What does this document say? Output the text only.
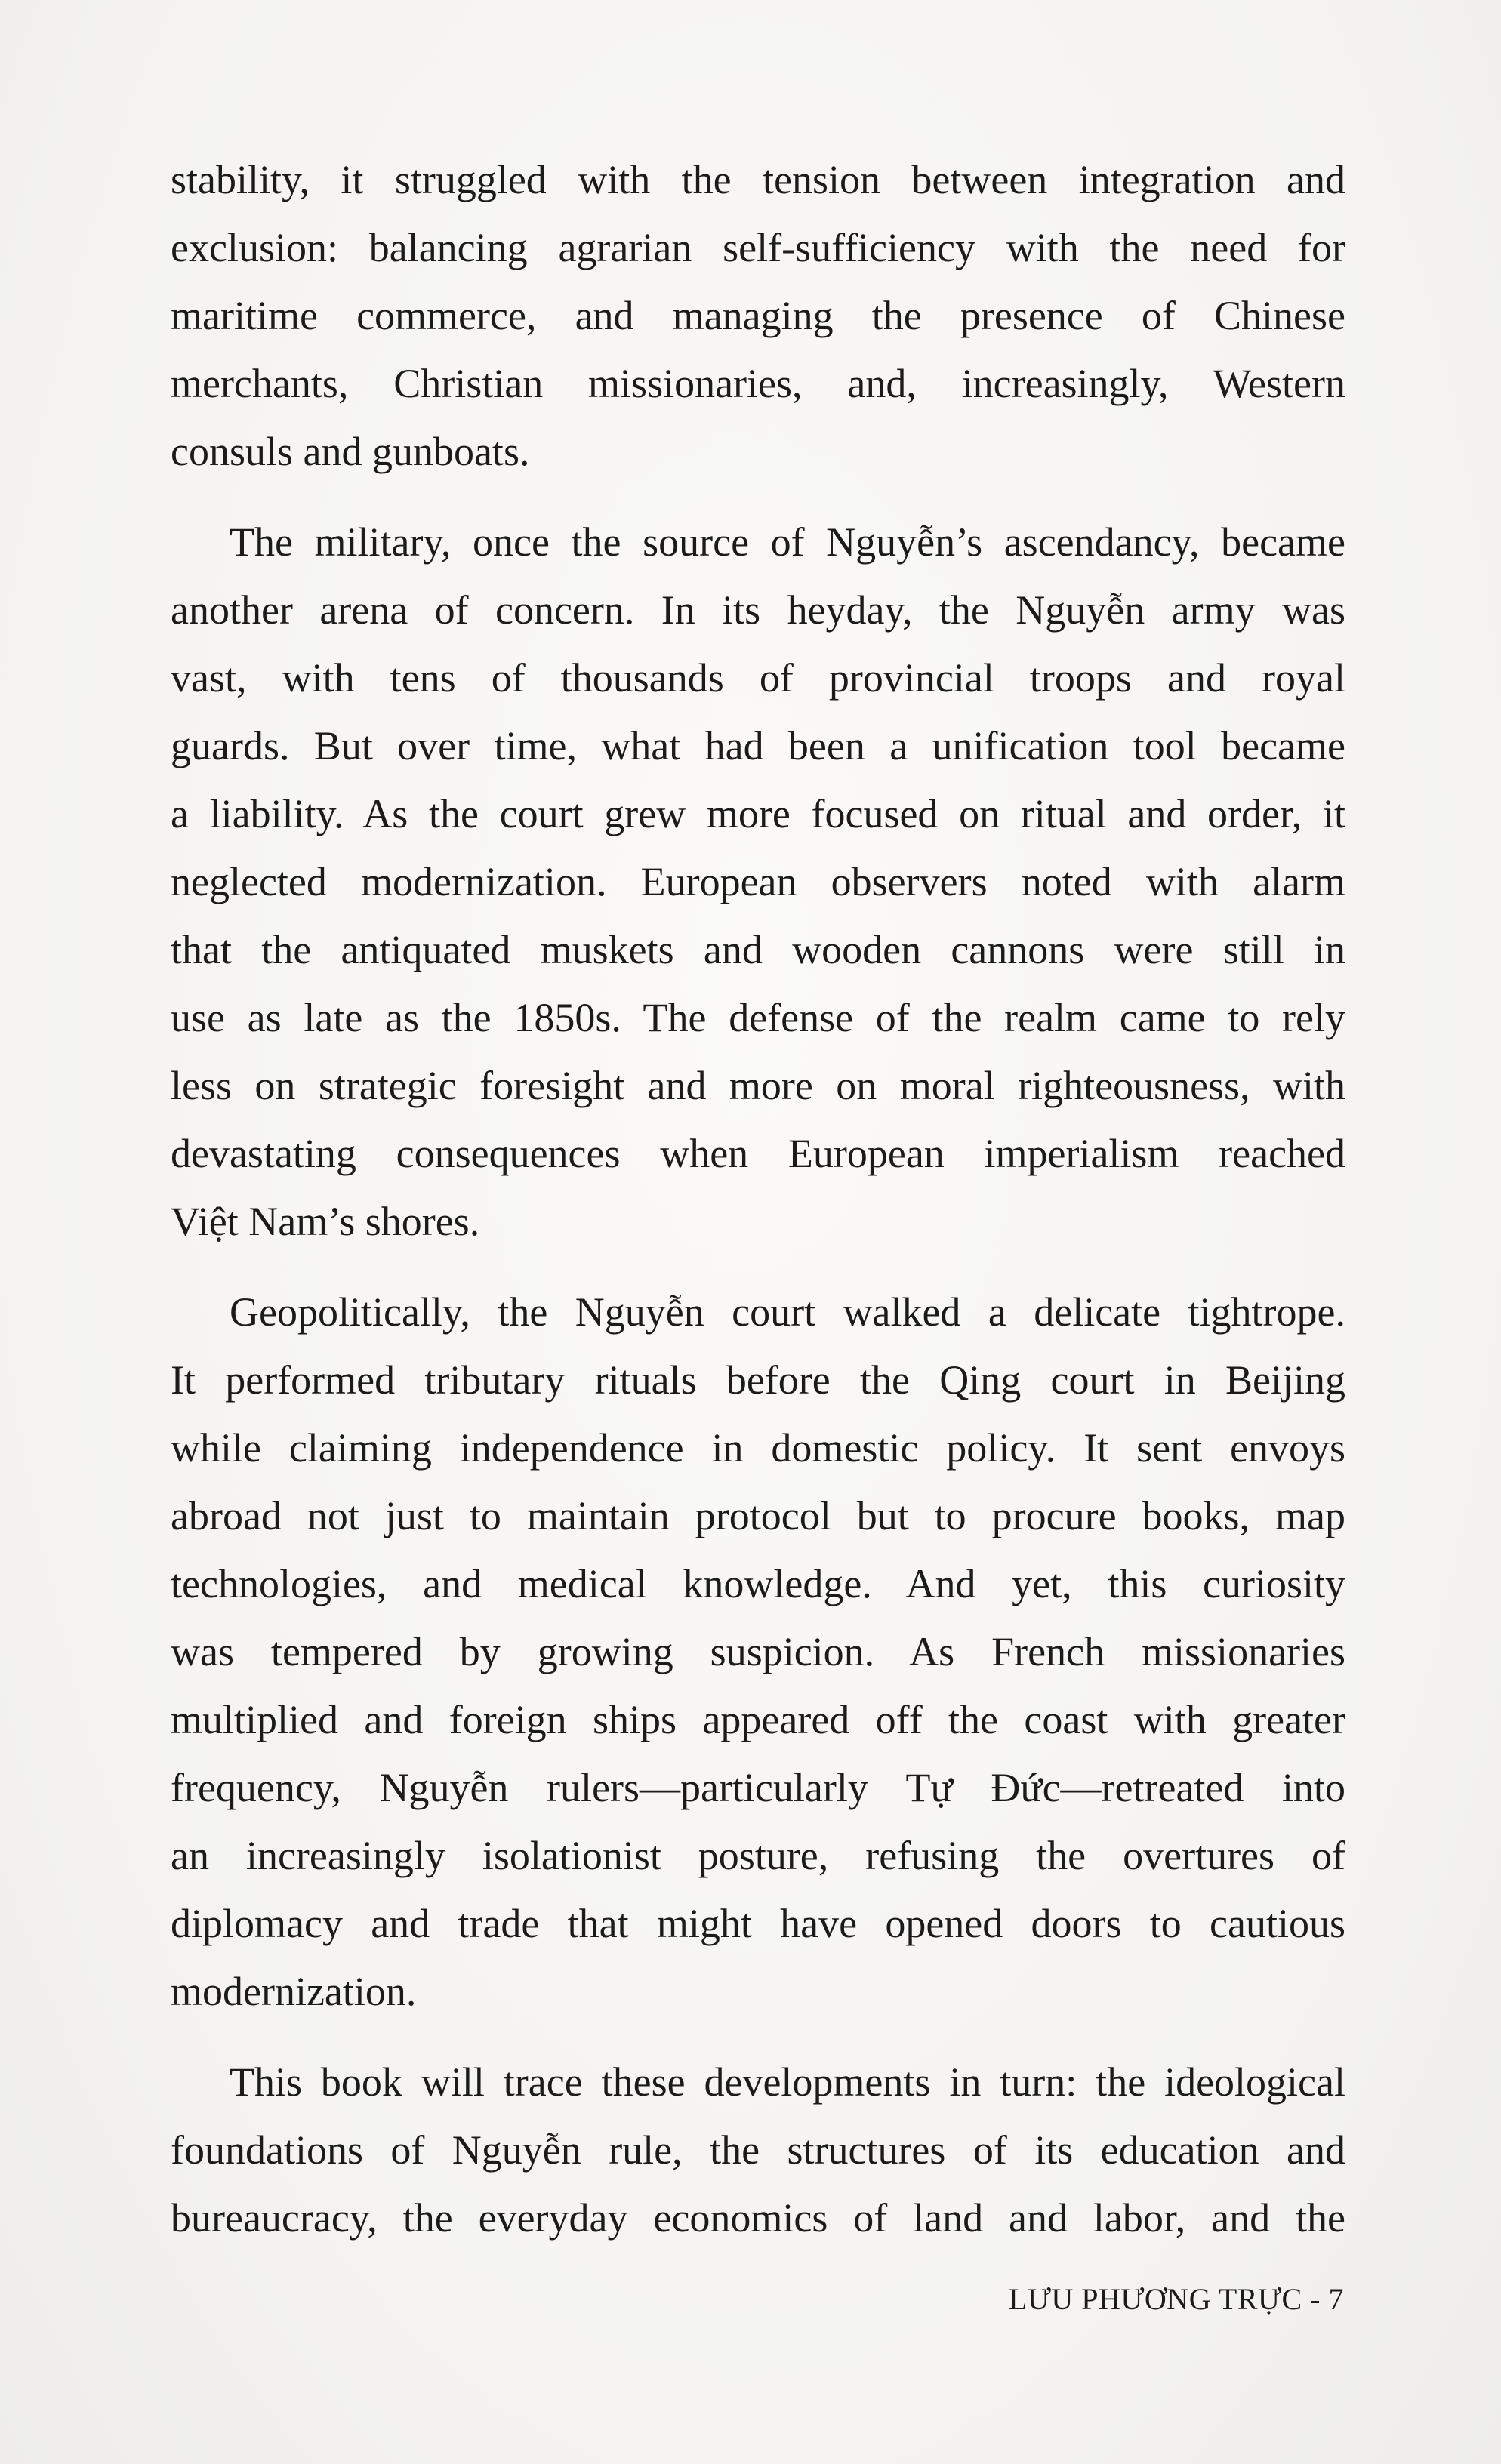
stability, it struggled with the tension between integration and
exclusion: balancing agrarian self-sufficiency with the need for
maritime commerce, and managing the presence of Chinese
merchants, Christian missionaries, and, increasingly, Western
consuls and gunboats.
The military, once the source of Nguyễn’s ascendancy, became
another arena of concern. In its heyday, the Nguyễn army was
vast, with tens of thousands of provincial troops and royal
guards. But over time, what had been a unification tool became
a liability. As the court grew more focused on ritual and order, it
neglected modernization. European observers noted with alarm
that the antiquated muskets and wooden cannons were still in
use as late as the 1850s. The defense of the realm came to rely
less on strategic foresight and more on moral righteousness, with
devastating consequences when European imperialism reached
Việt Nam’s shores.
Geopolitically, the Nguyễn court walked a delicate tightrope.
It performed tributary rituals before the Qing court in Beijing
while claiming independence in domestic policy. It sent envoys
abroad not just to maintain protocol but to procure books, map
technologies, and medical knowledge. And yet, this curiosity
was tempered by growing suspicion. As French missionaries
multiplied and foreign ships appeared off the coast with greater
frequency, Nguyễn rulers—particularly Tự Đức—retreated into
an increasingly isolationist posture, refusing the overtures of
diplomacy and trade that might have opened doors to cautious
modernization.
This book will trace these developments in turn: the ideological
foundations of Nguyễn rule, the structures of its education and
bureaucracy, the everyday economics of land and labor, and the
LƯU PHƯƠNG TRỰC - 7
